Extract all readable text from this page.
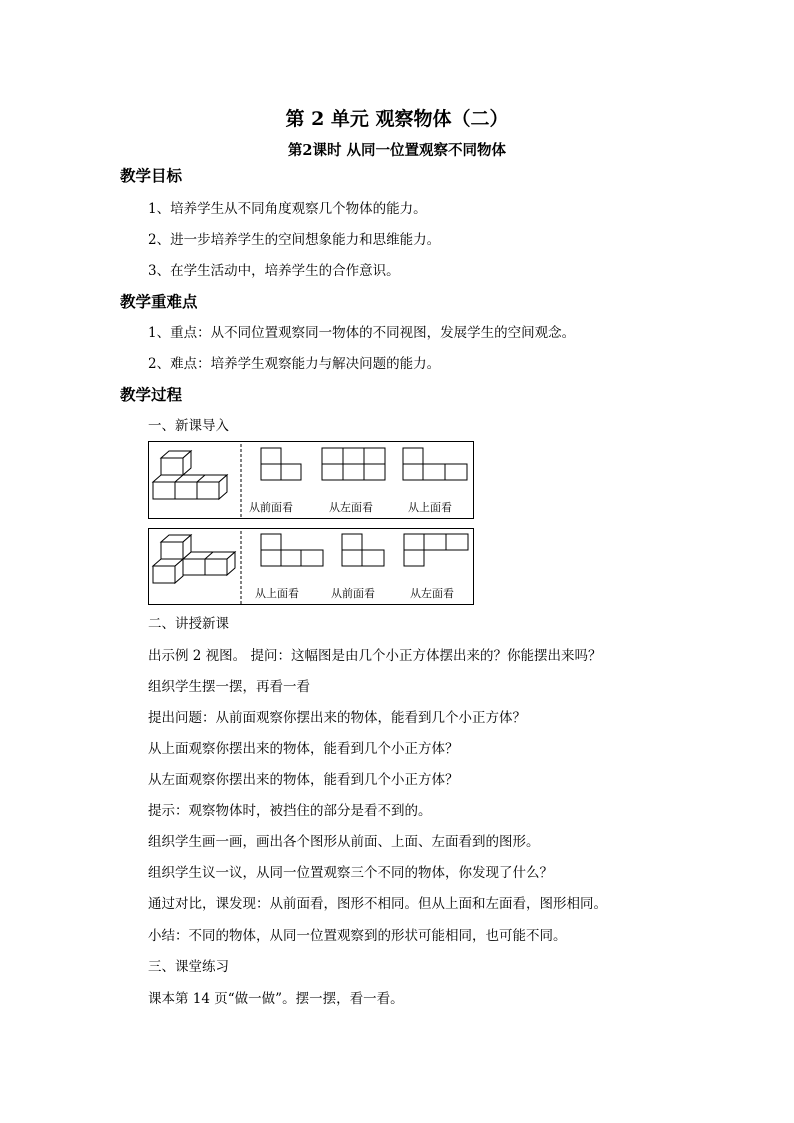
第 2 单元 观察物体（二）
第2课时 从同一位置观察不同物体
教学目标
1、培养学生从不同角度观察几个物体的能力。
2、进一步培养学生的空间想象能力和思维能力。
3、在学生活动中，培养学生的合作意识。
教学重难点
1、重点：从不同位置观察同一物体的不同视图，发展学生的空间观念。
2、难点：培养学生观察能力与解决问题的能力。
教学过程
一、新课导入
从前面看	从左面看	从上面看
从上面看	从前面看	从左面看
二、讲授新课
出示例 2 视图。 提问：这幅图是由几个小正方体摆出来的？你能摆出来吗？
组织学生摆一摆，再看一看
提出问题：从前面观察你摆出来的物体，能看到几个小正方体？
从上面观察你摆出来的物体，能看到几个小正方体？
从左面观察你摆出来的物体，能看到几个小正方体？
提示：观察物体时，被挡住的部分是看不到的。
组织学生画一画，画出各个图形从前面、上面、左面看到的图形。
组织学生议一议，从同一位置观察三个不同的物体，你发现了什么？
通过对比，课发现：从前面看，图形不相同。但从上面和左面看，图形相同。
小结：不同的物体，从同一位置观察到的形状可能相同，也可能不同。
三、课堂练习
课本第 14 页“做一做”。摆一摆，看一看。
